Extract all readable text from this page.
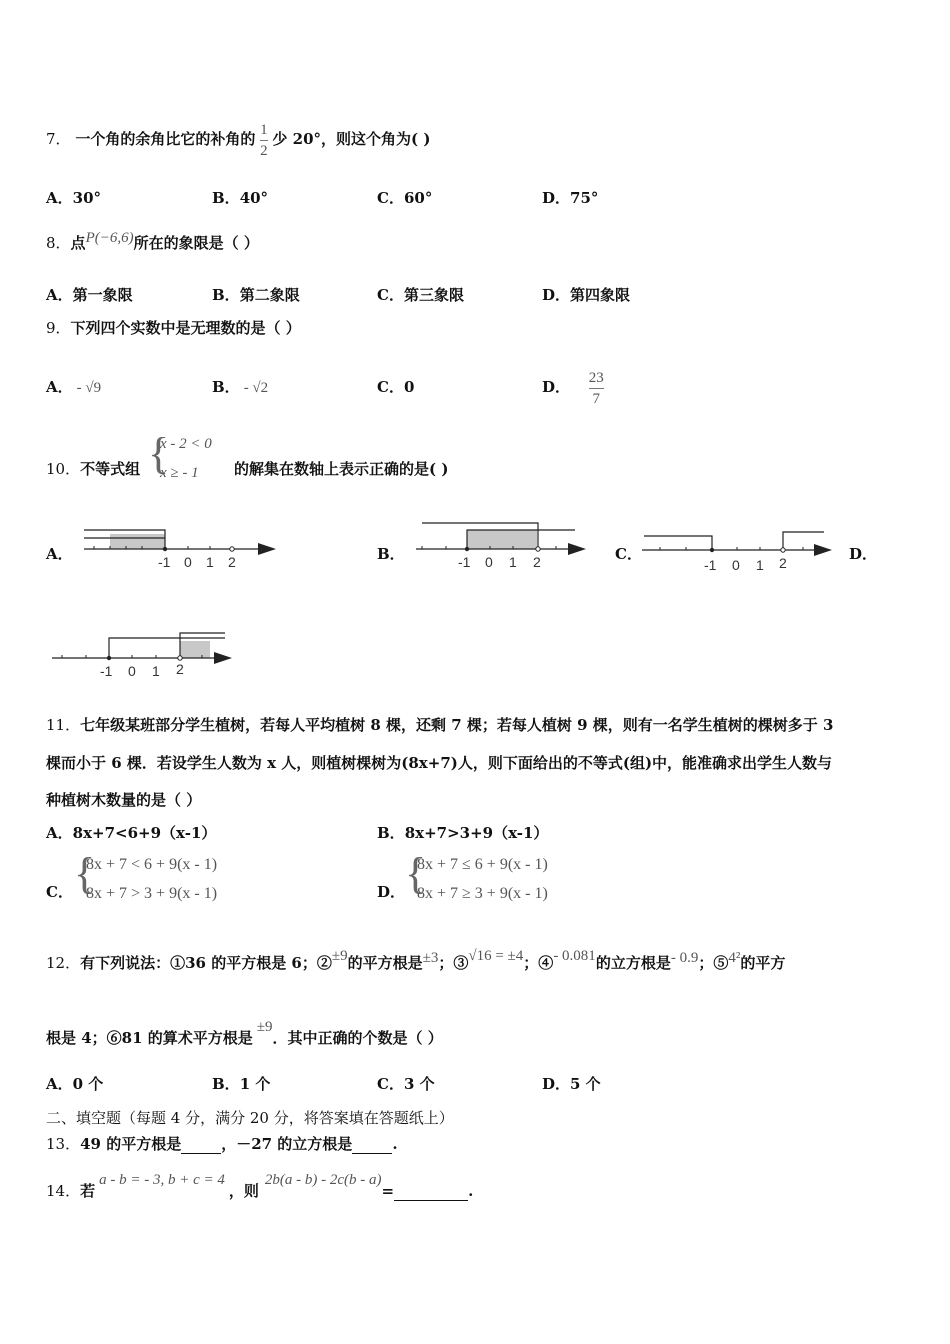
7． 一个角的余角比它的补角的 $\frac{1}{2}$ 少 20°，则这个角为( )
A．30°	B．40°	C．60°	D．75°
8．点P(−6,6)所在的象限是（ ）
A．第一象限	B．第二象限	C．第三象限	D．第四象限
9．下列四个实数中是无理数的是（ ）
A． - √9	B． - √2	C．0	D． $\frac{23}{7}$
10．不等式组 {
x - 2 < 0
x ≥ - 1 的解集在数轴上表示正确的是( )
A．	B．	C．	D．
-1 0 1 2	-1 0 1 2	-1 0 1 2
-1 0 1 2
11．七年级某班部分学生植树，若每人平均植树 8 棵，还剩 7 棵；若每人植树 9 棵，则有一名学生植树的棵树多于 3
棵而小于 6 棵．若设学生人数为 x 人，则植树棵树为(8x+7)人，则下面给出的不等式(组)中，能准确求出学生人数与
种植树木数量的是（ ）
A．8x+7<6+9（x-1）	B．8x+7>3+9（x-1）
C． {
8x + 7 < 6 + 9(x - 1)
8x + 7 > 3 + 9(x - 1)	D． {
8x + 7 ≤ 6 + 9(x - 1)
8x + 7 ≥ 3 + 9(x - 1)
12．有下列说法：①36 的平方根是 6；②±9的平方根是±3；③√16 = ±4；④- 0.081的立方根是- 0.9；⑤4²的平方
根是 4；⑥81 的算术平方根是±9．其中正确的个数是（ ）
A．0 个	B．1 个	C．3 个	D．5 个
二、填空题（每题 4 分，满分 20 分，将答案填在答题纸上）
13．49 的平方根是	，－27 的立方根是	.
14．若a - b = - 3, b + c = 4，则2b(a - b) - 2c(b - a)=	.
